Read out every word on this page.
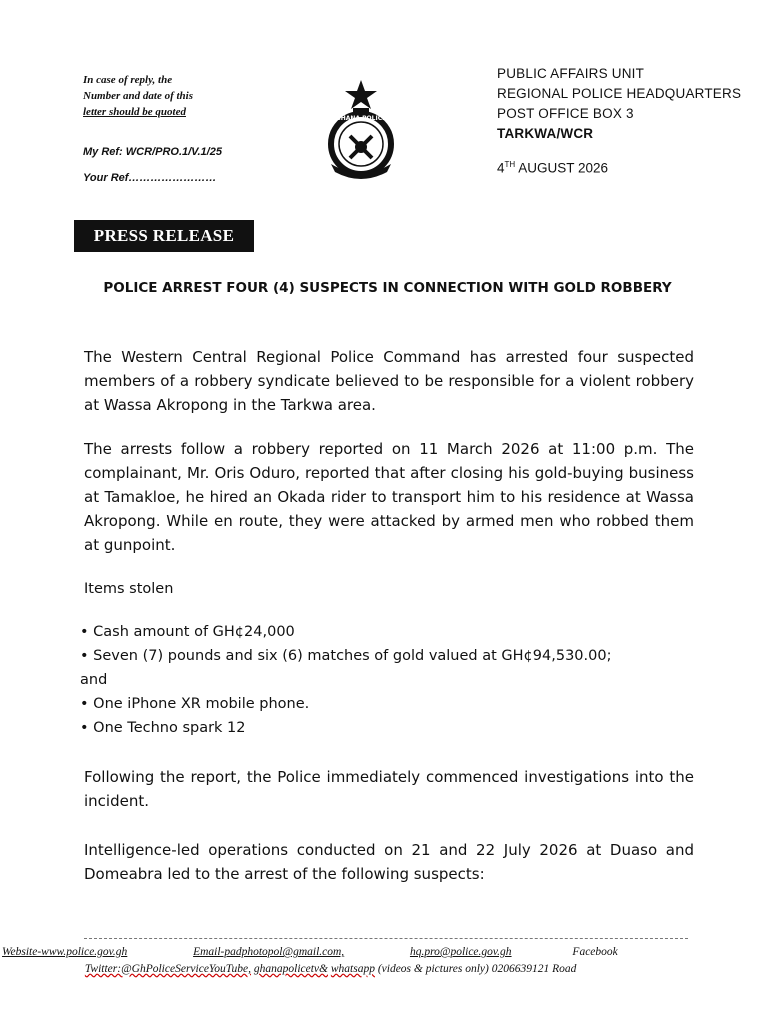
In case of reply, the
Number and date of this
letter should be quoted
My Ref: WCR/PRO.1/V.1/25
Your Ref……………………
GHANA POLICE
PUBLIC AFFAIRS UNIT
REGIONAL POLICE HEADQUARTERS
POST OFFICE BOX 3
TARKWA/WCR
4TH AUGUST 2026
PRESS RELEASE
POLICE ARREST FOUR (4) SUSPECTS IN CONNECTION WITH GOLD ROBBERY
The Western Central Regional Police Command has arrested four suspected members of a robbery syndicate believed to be responsible for a violent robbery at Wassa Akropong in the Tarkwa area.
The arrests follow a robbery reported on 11 March 2026 at 11:00 p.m. The complainant, Mr. Oris Oduro, reported that after closing his gold-buying business at Tamakloe, he hired an Okada rider to transport him to his residence at Wassa Akropong. While en route, they were attacked by armed men who robbed them at gunpoint.
Items stolen
• Cash amount of GH¢24,000
• Seven (7) pounds and six (6) matches of gold valued at GH¢94,530.00;
and
• One iPhone XR mobile phone.
• One Techno spark 12
Following the report, the Police immediately commenced investigations into the incident.
Intelligence-led operations conducted on 21 and 22 July 2026 at Duaso and Domeabra led to the arrest of the following suspects:
Website-www.police.gov.gh	Email-padphotopol@gmail.com,	hq.pro@police.gov.gh	Facebook
Twitter:@GhPoliceServiceYouTube, ghanapolicetv& whatsapp (videos & pictures only) 0206639121 Road
